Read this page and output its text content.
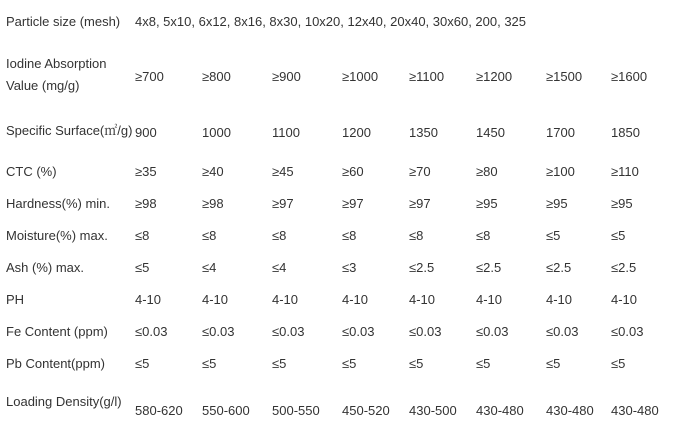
Particle size (mesh)	4x8, 5x10, 6x12, 8x16, 8x30, 10x20, 12x40, 20x40, 30x60, 200, 325							
Iodine Absorption Value (mg/g)	≥700	≥800	≥900	≥1000	≥1100	≥1200	≥1500	≥1600
Specific Surface(㎡/g)	900	1000	1100	1200	1350	1450	1700	1850
CTC (%)	≥35	≥40	≥45	≥60	≥70	≥80	≥100	≥110
Hardness(%) min.	≥98	≥98	≥97	≥97	≥97	≥95	≥95	≥95
Moisture(%) max.	≤8	≤8	≤8	≤8	≤8	≤8	≤5	≤5
Ash (%) max.	≤5	≤4	≤4	≤3	≤2.5	≤2.5	≤2.5	≤2.5
PH	4-10	4-10	4-10	4-10	4-10	4-10	4-10	4-10
Fe Content (ppm)	≤0.03	≤0.03	≤0.03	≤0.03	≤0.03	≤0.03	≤0.03	≤0.03
Pb Content(ppm)	≤5	≤5	≤5	≤5	≤5	≤5	≤5	≤5
Loading Density(g/l)	580-620	550-600	500-550	450-520	430-500	430-480	430-480	430-480
